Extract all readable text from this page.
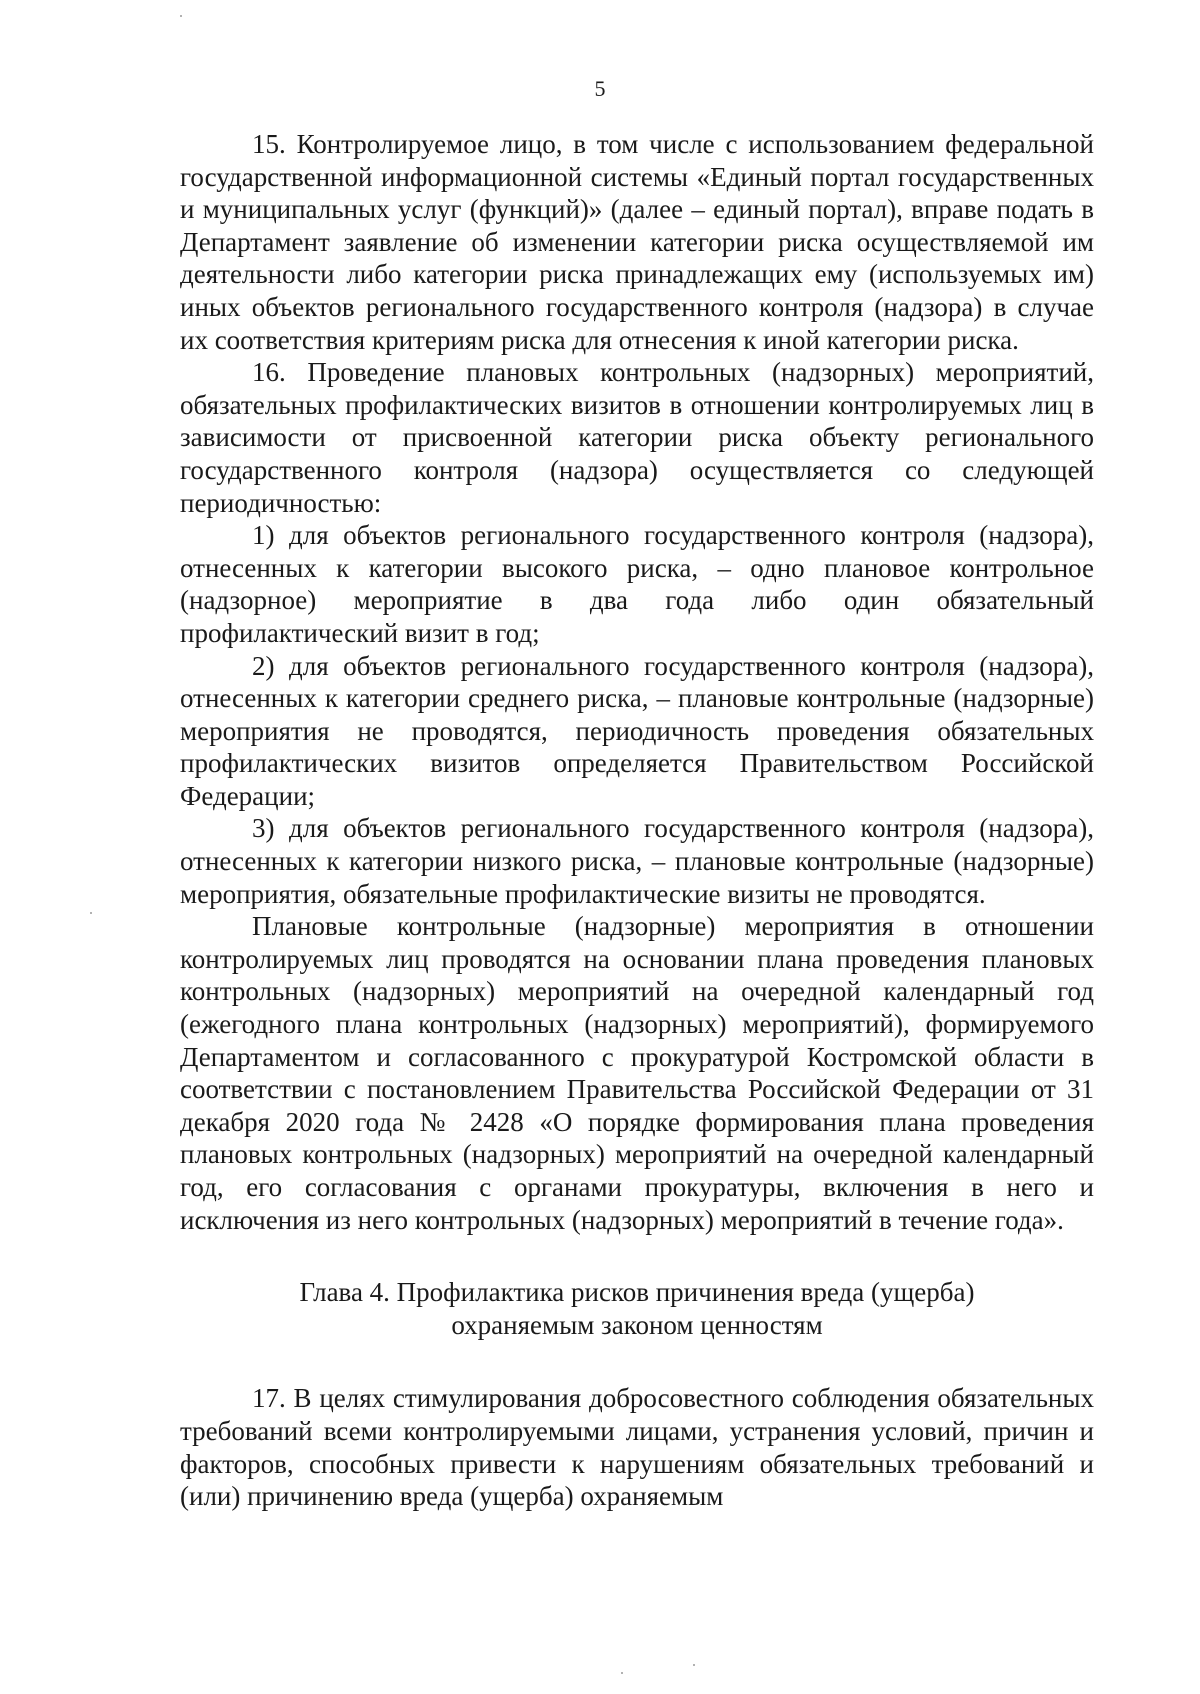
5

15. Контролируемое лицо, в том числе с использованием федеральной государственной информационной системы «Единый портал государственных и муниципальных услуг (функций)» (далее – единый портал), вправе подать в Департамент заявление об изменении категории риска осуществляемой им деятельности либо категории риска принадлежащих ему (используемых им) иных объектов регионального государственного контроля (надзора) в случае их соответствия критериям риска для отнесения к иной категории риска.

16. Проведение плановых контрольных (надзорных) мероприятий, обязательных профилактических визитов в отношении контролируемых лиц в зависимости от присвоенной категории риска объекту регионального государственного контроля (надзора) осуществляется со следующей периодичностью:

1) для объектов регионального государственного контроля (надзора), отнесенных к категории высокого риска, – одно плановое контрольное (надзорное) мероприятие в два года либо один обязательный профилактический визит в год;

2) для объектов регионального государственного контроля (надзора), отнесенных к категории среднего риска, – плановые контрольные (надзорные) мероприятия не проводятся, периодичность проведения обязательных профилактических визитов определяется Правительством Российской Федерации;

3) для объектов регионального государственного контроля (надзора), отнесенных к категории низкого риска, – плановые контрольные (надзорные) мероприятия, обязательные профилактические визиты не проводятся.

Плановые контрольные (надзорные) мероприятия в отношении контролируемых лиц проводятся на основании плана проведения плановых контрольных (надзорных) мероприятий на очередной календарный год (ежегодного плана контрольных (надзорных) мероприятий), формируемого Департаментом и согласованного с прокуратурой Костромской области в соответствии с постановлением Правительства Российской Федерации от 31 декабря 2020 года № 2428 «О порядке формирования плана проведения плановых контрольных (надзорных) мероприятий на очередной календарный год, его согласования с органами прокуратуры, включения в него и исключения из него контрольных (надзорных) мероприятий в течение года».

Глава 4. Профилактика рисков причинения вреда (ущерба)
охраняемым законом ценностям

17. В целях стимулирования добросовестного соблюдения обязательных требований всеми контролируемыми лицами, устранения условий, причин и факторов, способных привести к нарушениям обязательных требований и (или) причинению вреда (ущерба) охраняемым
